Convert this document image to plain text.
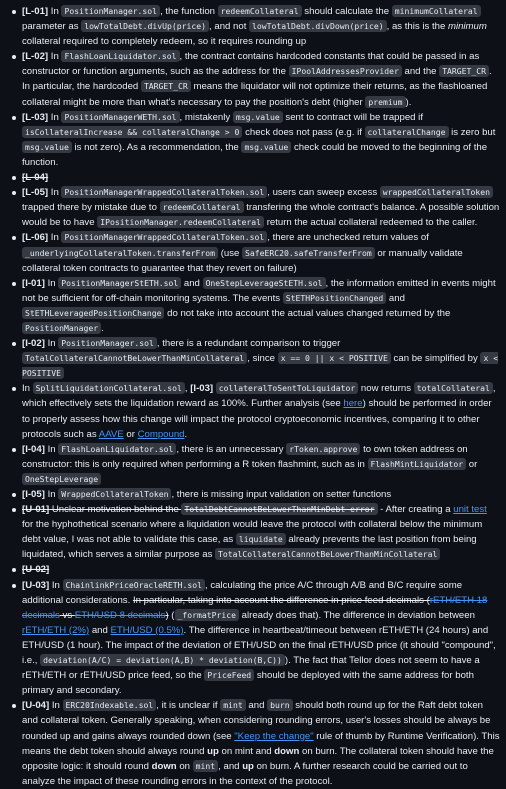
[L-01] In PositionManager.sol , the function redeemCollateral should calculate the minimumCollateral parameter as lowTotalDebt.divUp(price) , and not lowTotalDebt.divDown(price) , as this is the minimum collateral required to completely redeem, so it requires rounding up
[L-02] In FlashLoanLiquidator.sol , the contract contains hardcoded constants that could be passed in as constructor or function arguments, such as the address for the IPoolAddressesProvider and the TARGET_CR . In particular, the hardcoded TARGET_CR means the liquidator will not optimize their returns, as the flashloaned collateral might be more than what's necessary to pay the position's debt (higher premium ).
[L-03] In PositionManagerWETH.sol , mistakenly msg.value sent to contract will be trapped if isCollateralIncrease && collateralChange > 0 check does not pass (e.g. if collateralChange is zero but msg.value is not zero). As a recommendation, the msg.value check could be moved to the beginning of the function.
[L-04]
[L-05] In PositionManagerWrappedCollateralToken.sol , users can sweep excess wrappedCollateralToken trapped there by mistake due to redeemCollateral transfering the whole contract's balance. A possible solution would be to have IPositionManager.redeemCollateral return the actual collateral redeemed to the caller.
[L-06] In PositionManagerWrappedCollateralToken.sol , there are unchecked return values of _underlyingCollateralToken.transferFrom (use SafeERC20.safeTransferFrom or manually validate collateral token contracts to guarantee that they revert on failure)
[I-01] In PositionManagerStETH.sol and OneStepLeverageStETH.sol , the information emitted in events might not be sufficient for off-chain monitoring systems. The events StETHPositionChanged and StETHLeveragedPositionChange do not take into account the actual values changed returned by the PositionManager .
[I-02] In PositionManager.sol , there is a redundant comparison to trigger TotalCollateralCannotBeLowerThanMinCollateral , since x == 0 || x < POSITIVE can be simplified by x < POSITIVE
In SplitLiquidationCollateral.sol , [I-03] collateralToSentToLiquidator now returns totalCollateral , which effectively sets the liquidation reward as 100%. Further analysis (see here) should be performed in order to properly assess how this change will impact the protocol cryptoeconomic incentives, comparing it to other protocols such as AAVE or Compound.
[I-04] In FlashLoanLiquidator.sol , there is an unnecessary rToken.approve to own token address on constructor: this is only required when performing a R token flashmint, such as in FlashMintLiquidator or OneStepLeverage
[I-05] In WrappedCollateralToken , there is missing input validation on setter functions
[U-01] Unclear motivation behind the TotalDebtCannotBeLowerThanMinDebt error - After creating a unit test for the hyphothetical scenario where a liquidation would leave the protocol with collateral below the minimum debt value, I was not able to validate this case, as liquidate already prevents the last position from being liquidated, which serves a similar purpose as TotalCollateralCannotBeLowerThanMinCollateral
[U-02]
[U-03] In ChainlinkPriceOracleRETH.sol , calculating the price A/C through A/B and B/C require some additional considerations. In particular, taking into account the difference in price feed decimals (rETH/ETH 18 decimals vs ETH/USD 8 decimals) ( _formatPrice already does that). The difference in deviation between rETH/ETH (2%) and ETH/USD (0.5%). The difference in heartbeat/timeout between rETH/ETH (24 hours) and ETH/USD (1 hour). The impact of the deviation of ETH/USD on the final rETH/USD price (it should "compound", i.e., deviation(A/C) = deviation(A,B) * deviation(B,C)) ). The fact that Tellor does not seem to have a rETH/ETH or rETH/USD price feed, so the PriceFeed should be deployed with the same address for both primary and secondary.
[U-04] In ERC20Indexable.sol , it is unclear if mint and burn should both round up for the Raft debt token and collateral token. Generally speaking, when considering rounding errors, user's losses should be always be rounded up and gains always rounded down (see "Keep the change" rule of thumb by Runtime Verification). This means the debt token should always round up on mint and down on burn. The collateral token should have the opposite logic: it should round down on mint , and up on burn. A further research could be carried out to analyze the impact of these rounding errors in the context of the protocol.
